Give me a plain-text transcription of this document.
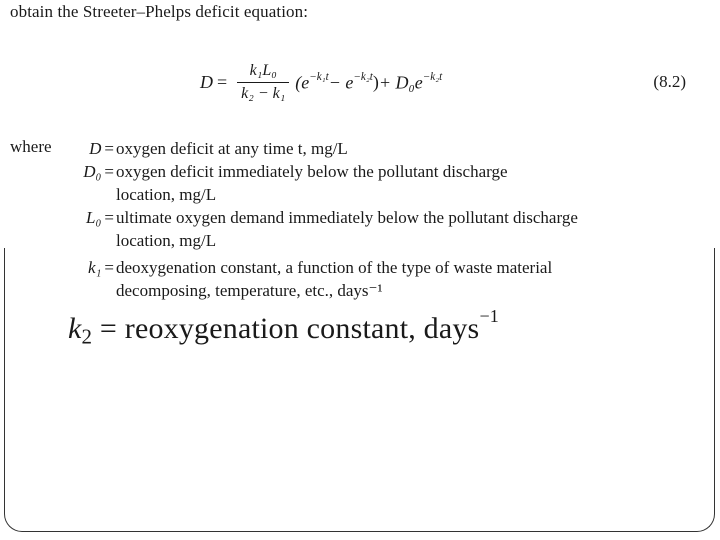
obtain the Streeter–Phelps deficit equation:
$D = \frac{\text{k₁L₀}}{\text{k₂ − k₁}} (e^{-k_1t} - e^{-k_2t}$ ) + $D_0e^{-k_2t}$	(8.2)
where	D = oxygen deficit at any time t, mg/L
D₀ = oxygen deficit immediately below the pollutant discharge
location, mg/L
L₀ = ultimate oxygen demand immediately below the pollutant discharge
location, mg/L
k₁ = deoxygenation constant, a function of the type of waste material
decomposing, temperature, etc., days⁻¹
$k_2$ = reoxygenation constant, days$^{-1}$
